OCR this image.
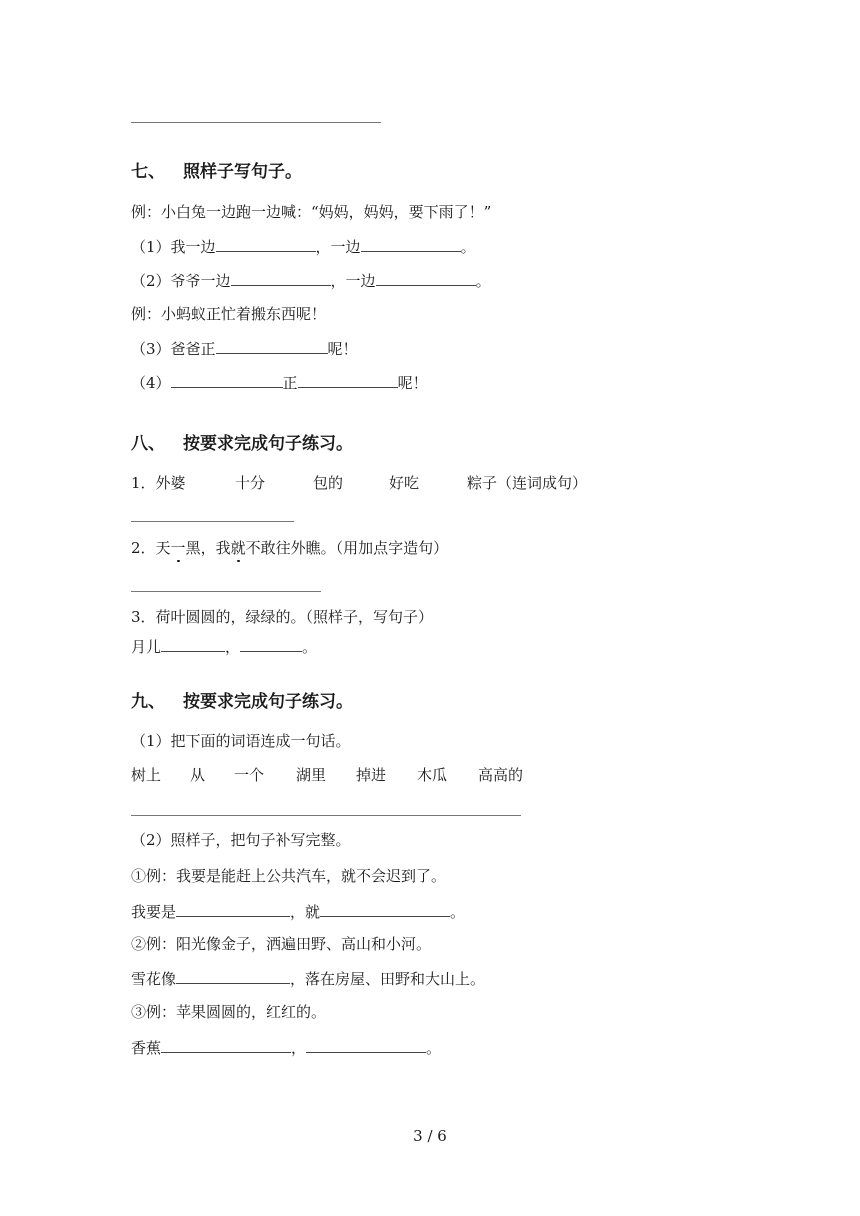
七、 照样子写句子。
例：小白兔一边跑一边喊：“妈妈，妈妈，要下雨了！”
（1）我一边	，一边	。
（2）爷爷一边	，一边	。
例：小蚂蚁正忙着搬东西呢！
（3）爸爸正	呢！
（4）	正	呢！
八、 按要求完成句子练习。
1．外婆	十分	包的	好吃	粽子（连词成句）
2．天一黑，我就不敢往外瞧。（用加点字造句）
3．荷叶圆圆的，绿绿的。（照样子，写句子）
月儿	，	。
九、 按要求完成句子练习。
（1）把下面的词语连成一句话。
树上 从 一个 湖里 掉进 木瓜 高高的
（2）照样子，把句子补写完整。
①例：我要是能赶上公共汽车，就不会迟到了。
我要是	，就	。
②例：阳光像金子，洒遍田野、高山和小河。
雪花像	，落在房屋、田野和大山上。
③例：苹果圆圆的，红红的。
香蕉	，	。
3 / 6
